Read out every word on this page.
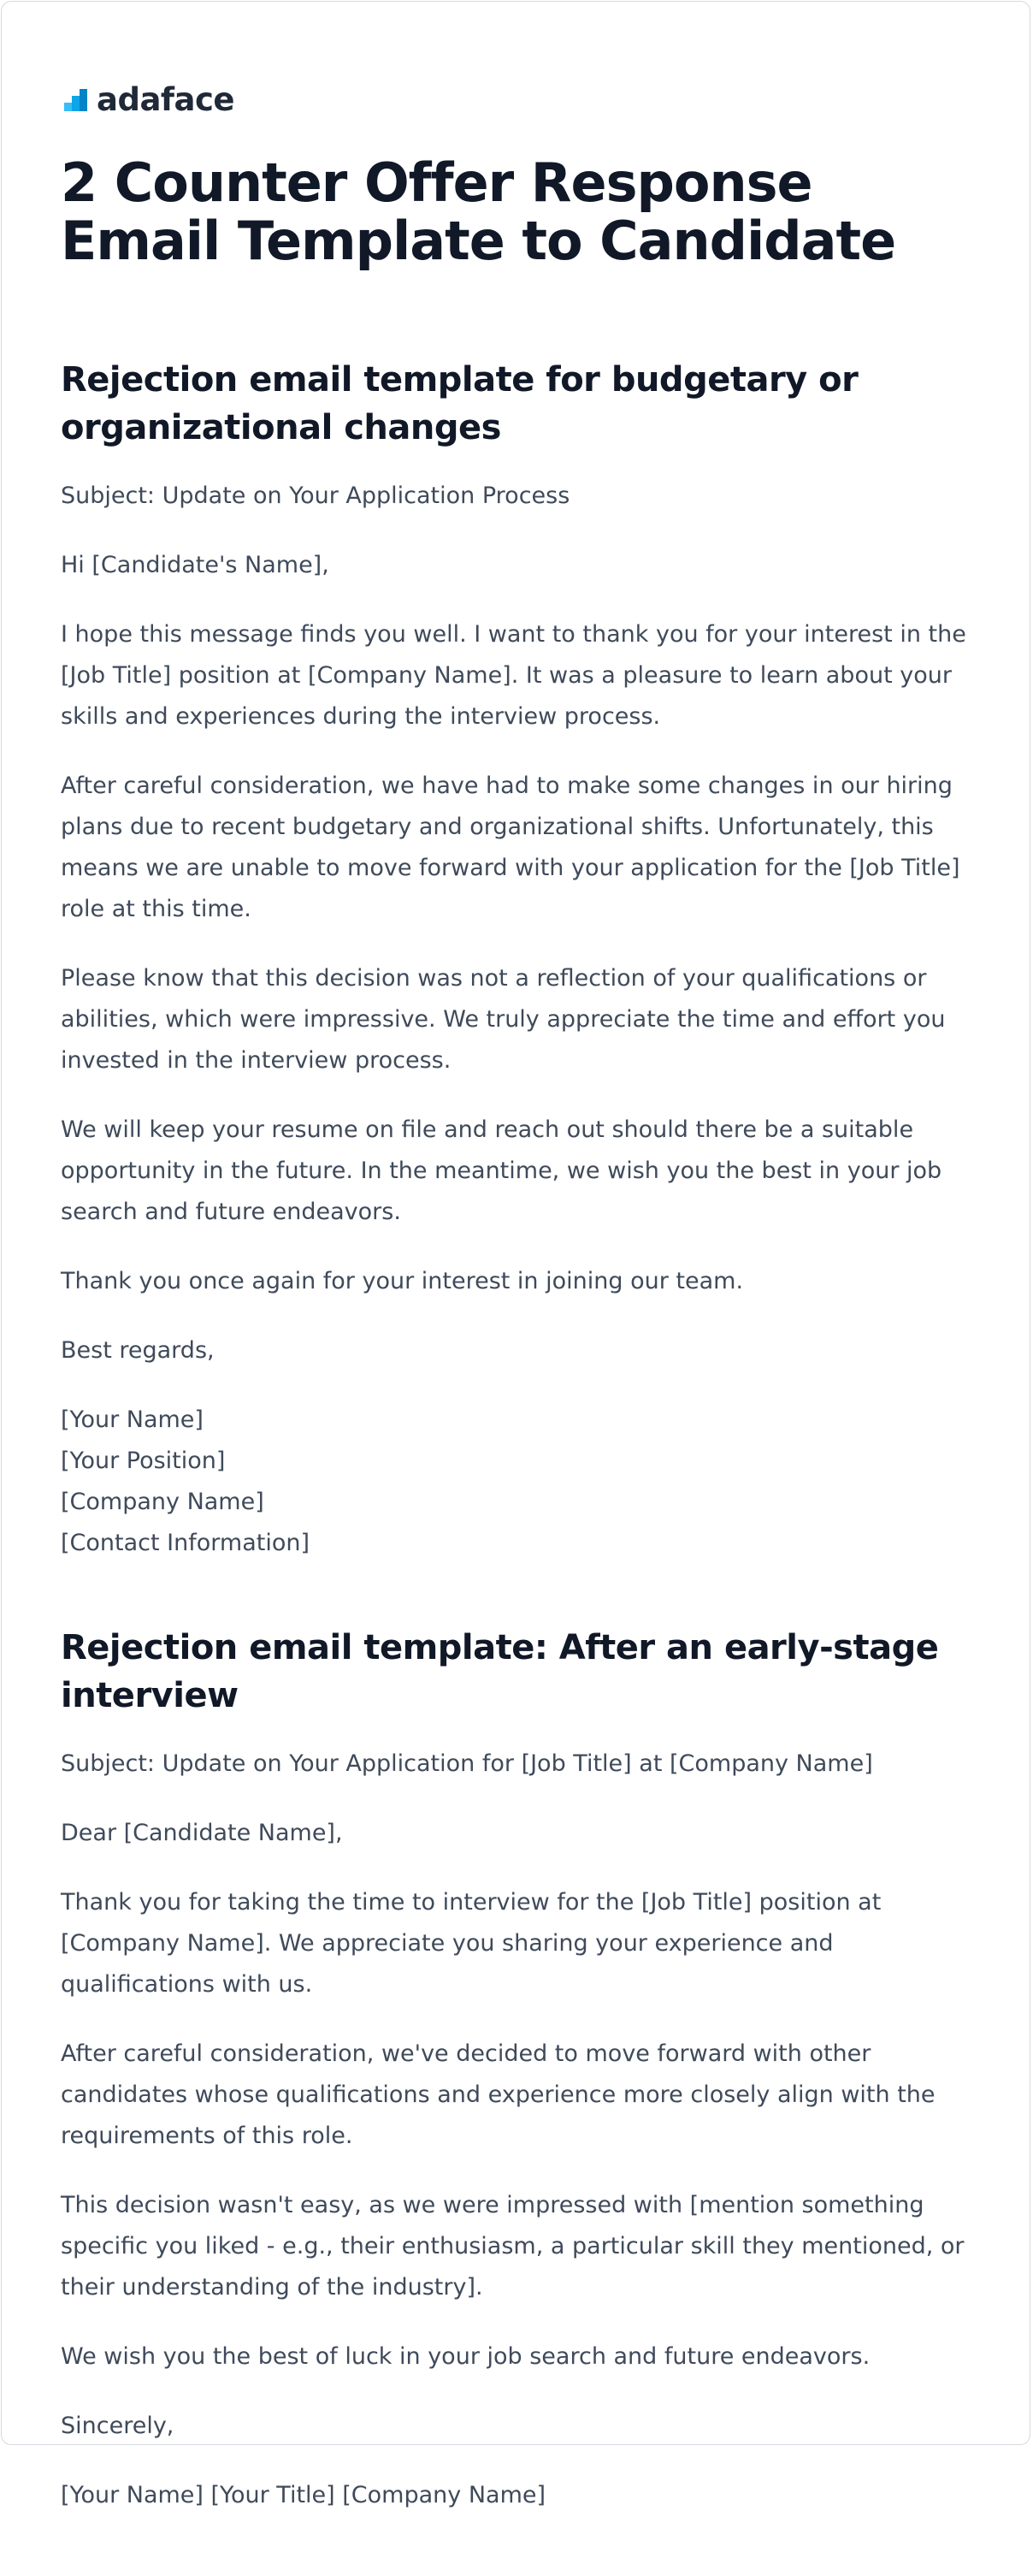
adaface
2 Counter Offer Response Email Template to Candidate
Rejection email template for budgetary or organizational changes

Subject: Update on Your Application Process

Hi [Candidate's Name],

I hope this message finds you well. I want to thank you for your interest in the [Job Title] position at [Company Name]. It was a pleasure to learn about your skills and experiences during the interview process.

After careful consideration, we have had to make some changes in our hiring plans due to recent budgetary and organizational shifts. Unfortunately, this means we are unable to move forward with your application for the [Job Title] role at this time.

Please know that this decision was not a reflection of your qualifications or abilities, which were impressive. We truly appreciate the time and effort you invested in the interview process.

We will keep your resume on file and reach out should there be a suitable opportunity in the future. In the meantime, we wish you the best in your job search and future endeavors.

Thank you once again for your interest in joining our team.

Best regards,

[Your Name]
[Your Position]
[Company Name]
[Contact Information]

Rejection email template: After an early-stage interview

Subject: Update on Your Application for [Job Title] at [Company Name]

Dear [Candidate Name],

Thank you for taking the time to interview for the [Job Title] position at [Company Name]. We appreciate you sharing your experience and qualifications with us.

After careful consideration, we've decided to move forward with other candidates whose qualifications and experience more closely align with the requirements of this role.

This decision wasn't easy, as we were impressed with [mention something specific you liked - e.g., their enthusiasm, a particular skill they mentioned, or their understanding of the industry].

We wish you the best of luck in your job search and future endeavors.

Sincerely,

[Your Name] [Your Title] [Company Name]
